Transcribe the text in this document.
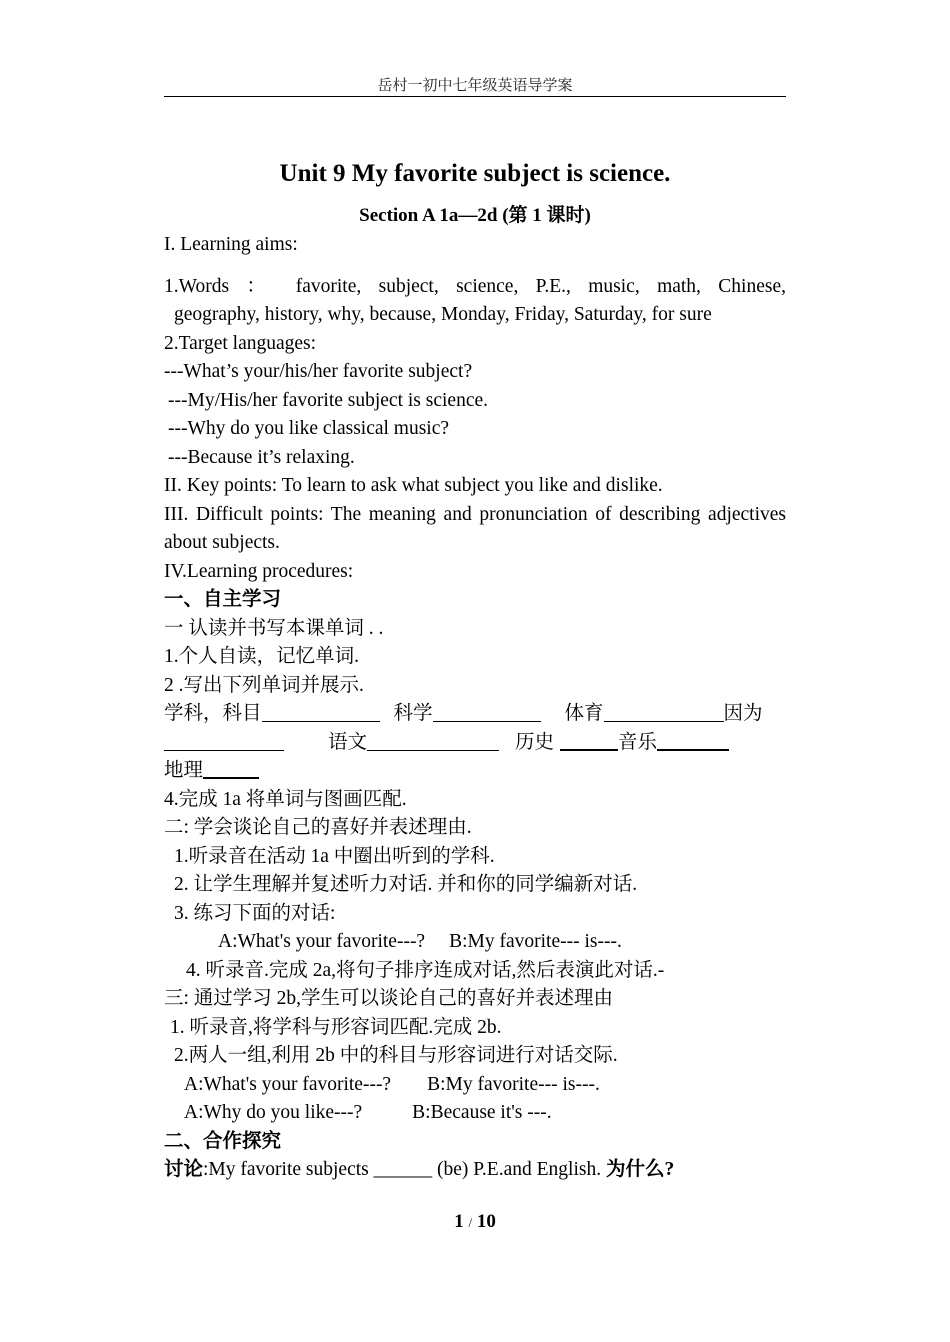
岳村一初中七年级英语导学案
Unit 9 My favorite subject is science.
Section A 1a—2d (第 1 课时)

I. Learning aims:

1.Words ： favorite, subject, science, P.E., music, math, Chinese,

geography, history, why, because, Monday, Friday, Saturday, for sure

2.Target languages:

---What’s your/his/her favorite subject?

---My/His/her favorite subject is science.

---Why do you like classical music?

---Because it’s relaxing.

II. Key points: To learn to ask what subject you like and dislike.

III. Difficult points: The meaning and pronunciation of describing adjectives about subjects.

IV.Learning procedures:

一、自主学习

一 认读并书写本课单词 . .

1.个人自读，记忆单词.

2 .写出下列单词并展示.

学科，科目	科学	体育	因为

语文	历史	音乐

地理

4.完成 1a 将单词与图画匹配.

二: 学会谈论自己的喜好并表述理由.

1.听录音在活动 1a 中圈出听到的学科.

2. 让学生理解并复述听力对话. 并和你的同学编新对话.

3. 练习下面的对话:

A:What's your favorite---? B:My favorite--- is---.

4. 听录音.完成 2a,将句子排序连成对话,然后表演此对话.-

三: 通过学习 2b,学生可以谈论自己的喜好并表述理由

1. 听录音,将学科与形容词匹配.完成 2b.

2.两人一组,利用 2b 中的科目与形容词进行对话交际.

A:What's your favorite---? B:My favorite--- is---.

A:Why do you like---?	B:Because it's ---.

二、合作探究

讨论:My favorite subjects ______ (be) P.E.and English. 为什么?

1 / 10
